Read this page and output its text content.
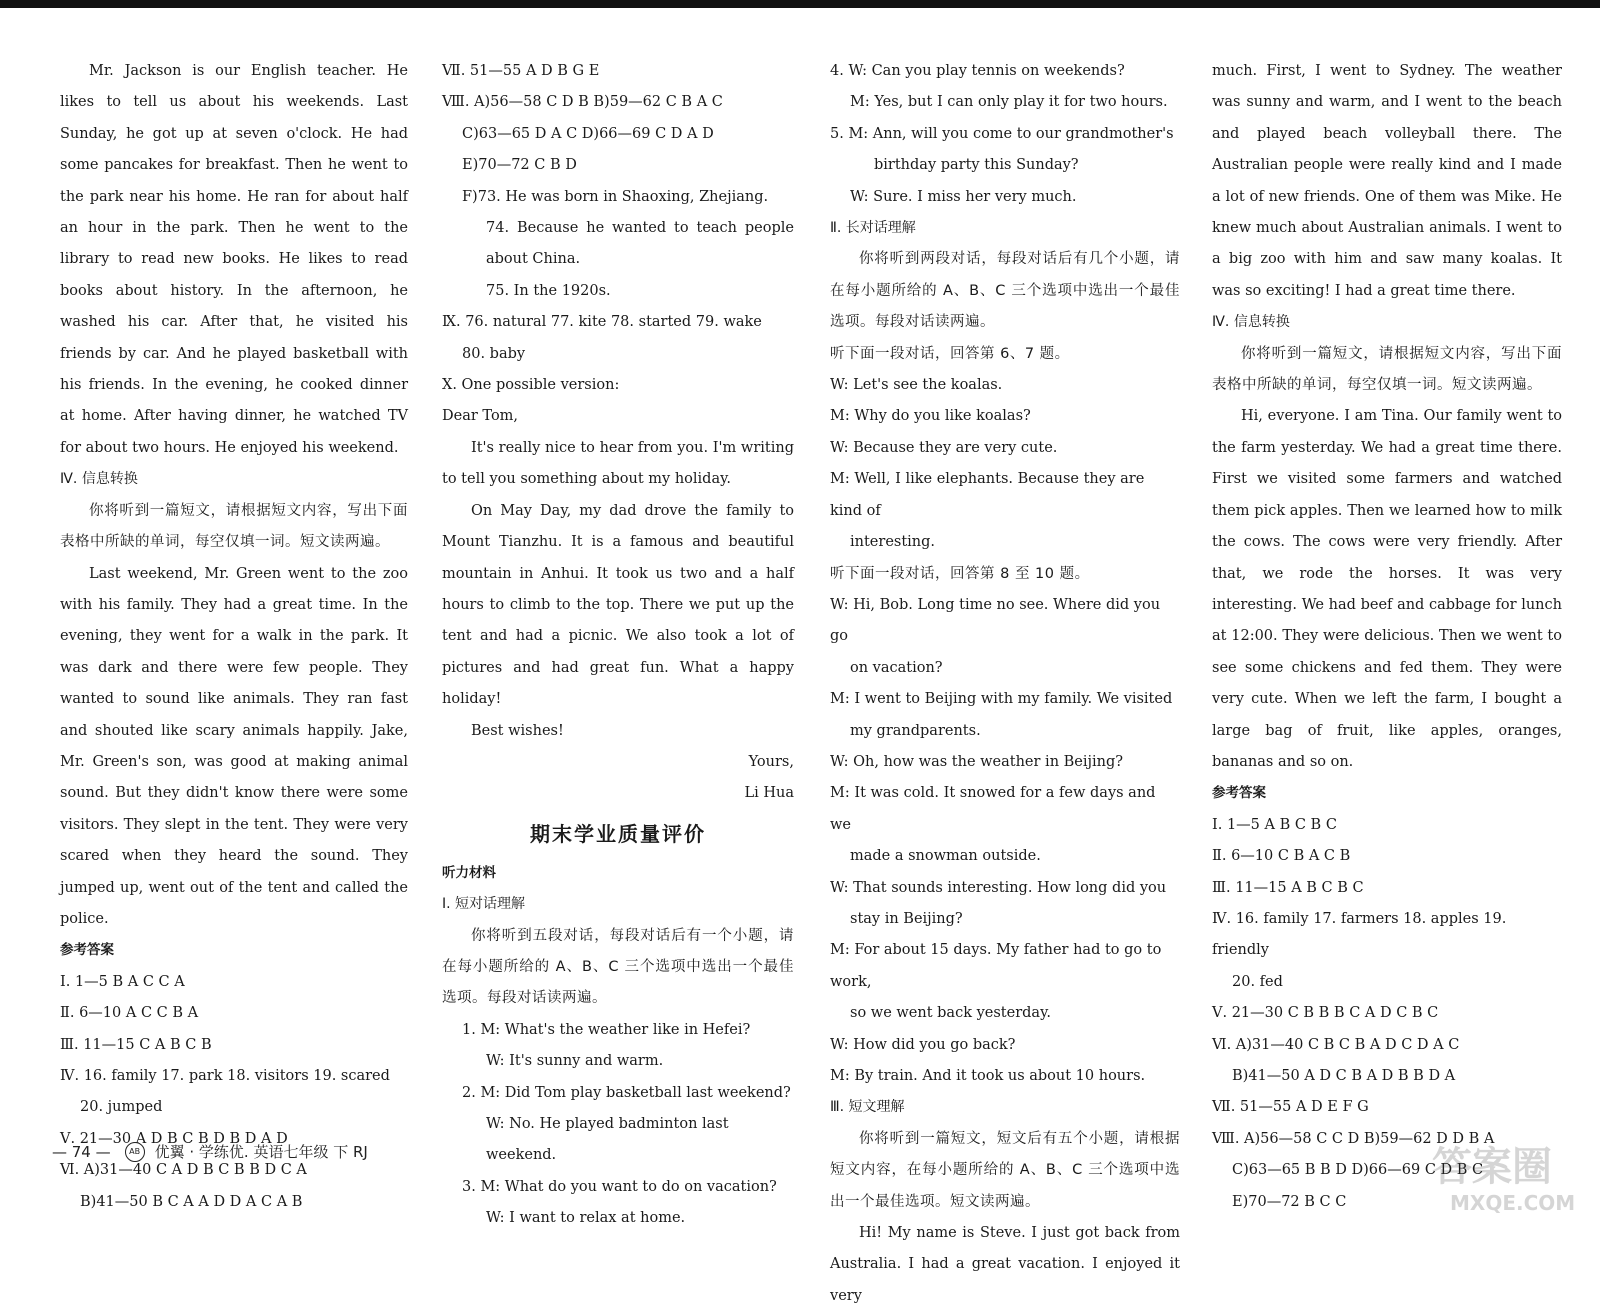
Mr. Jackson is our English teacher. He likes to tell us about his weekends. Last Sunday, he got up at seven o'clock. He had some pancakes for breakfast. Then he went to the park near his home. He ran for about half an hour in the park. Then he went to the library to read new books. He likes to read books about history. In the afternoon, he washed his car. After that, he visited his friends by car. And he played basketball with his friends. In the evening, he cooked dinner at home. After having dinner, he watched TV for about two hours. He enjoyed his weekend.

Ⅳ. 信息转换

你将听到一篇短文，请根据短文内容，写出下面表格中所缺的单词，每空仅填一词。短文读两遍。

Last weekend, Mr. Green went to the zoo with his family. They had a great time. In the evening, they went for a walk in the park. It was dark and there were few people. They wanted to sound like animals. They ran fast and shouted like scary animals happily. Jake, Mr. Green's son, was good at making animal sound. But they didn't know there were some visitors. They slept in the tent. They were very scared when they heard the sound. They jumped up, went out of the tent and called the police.

参考答案

Ⅰ. 1—5 B A C C A

Ⅱ. 6—10 A C C B A

Ⅲ. 11—15 C A B C B

Ⅳ. 16. family 17. park 18. visitors 19. scared

20. jumped

Ⅴ. 21—30 A D B C B D B D A D

Ⅵ. A)31—40 C A D B C B B D C A

B)41—50 B C A A D D A C A B

Ⅶ. 51—55 A D B G E

Ⅷ. A)56—58 C D B B)59—62 C B A C

C)63—65 D A C D)66—69 C D A D

E)70—72 C B D

F)73. He was born in Shaoxing, Zhejiang.

74. Because he wanted to teach people about China.

75. In the 1920s.

Ⅸ. 76. natural 77. kite 78. started 79. wake

80. baby

Ⅹ. One possible version:

Dear Tom,

It's really nice to hear from you. I'm writing to tell you something about my holiday.

On May Day, my dad drove the family to Mount Tianzhu. It is a famous and beautiful mountain in Anhui. It took us two and a half hours to climb to the top. There we put up the tent and had a picnic. We also took a lot of pictures and had great fun. What a happy holiday!

Best wishes!

Yours,

Li Hua

期末学业质量评价

听力材料

Ⅰ. 短对话理解

你将听到五段对话，每段对话后有一个小题，请在每小题所给的 A、B、C 三个选项中选出一个最佳选项。每段对话读两遍。

1. M: What's the weather like in Hefei?

W: It's sunny and warm.

2. M: Did Tom play basketball last weekend?

W: No. He played badminton last weekend.

3. M: What do you want to do on vacation?

W: I want to relax at home.

4. W: Can you play tennis on weekends?

M: Yes, but I can only play it for two hours.

5. M: Ann, will you come to our grandmother's

birthday party this Sunday?

W: Sure. I miss her very much.

Ⅱ. 长对话理解

你将听到两段对话，每段对话后有几个小题，请在每小题所给的 A、B、C 三个选项中选出一个最佳选项。每段对话读两遍。

听下面一段对话，回答第 6、7 题。

W: Let's see the koalas.

M: Why do you like koalas?

W: Because they are very cute.

M: Well, I like elephants. Because they are kind of

interesting.

听下面一段对话，回答第 8 至 10 题。

W: Hi, Bob. Long time no see. Where did you go

on vacation?

M: I went to Beijing with my family. We visited

my grandparents.

W: Oh, how was the weather in Beijing?

M: It was cold. It snowed for a few days and we

made a snowman outside.

W: That sounds interesting. How long did you

stay in Beijing?

M: For about 15 days. My father had to go to work,

so we went back yesterday.

W: How did you go back?

M: By train. And it took us about 10 hours.

Ⅲ. 短文理解

你将听到一篇短文，短文后有五个小题，请根据短文内容，在每小题所给的 A、B、C 三个选项中选出一个最佳选项。短文读两遍。

Hi! My name is Steve. I just got back from Australia. I had a great vacation. I enjoyed it very

much. First, I went to Sydney. The weather was sunny and warm, and I went to the beach and played beach volleyball there. The Australian people were really kind and I made a lot of new friends. One of them was Mike. He knew much about Australian animals. I went to a big zoo with him and saw many koalas. It was so exciting! I had a great time there.

Ⅳ. 信息转换

你将听到一篇短文，请根据短文内容，写出下面表格中所缺的单词，每空仅填一词。短文读两遍。

Hi, everyone. I am Tina. Our family went to the farm yesterday. We had a great time there. First we visited some farmers and watched them pick apples. Then we learned how to milk the cows. The cows were very friendly. After that, we rode the horses. It was very interesting. We had beef and cabbage for lunch at 12:00. They were delicious. Then we went to see some chickens and fed them. They were very cute. When we left the farm, I bought a large bag of fruit, like apples, oranges, bananas and so on.

参考答案

Ⅰ. 1—5 A B C B C

Ⅱ. 6—10 C B A C B

Ⅲ. 11—15 A B C B C

Ⅳ. 16. family 17. farmers 18. apples 19. friendly

20. fed

Ⅴ. 21—30 C B B B C A D C B C

Ⅵ. A)31—40 C B C B A D C D A C

B)41—50 A D C B A D B B D A

Ⅶ. 51—55 A D E F G

Ⅷ. A)56—58 C C D B)59—62 D D B A

C)63—65 B B D D)66—69 C D B C

E)70—72 B C C

— 74 —	AB 优翼 · 学练优. 英语七年级 下 RJ	答案圈
MXQE.COM
